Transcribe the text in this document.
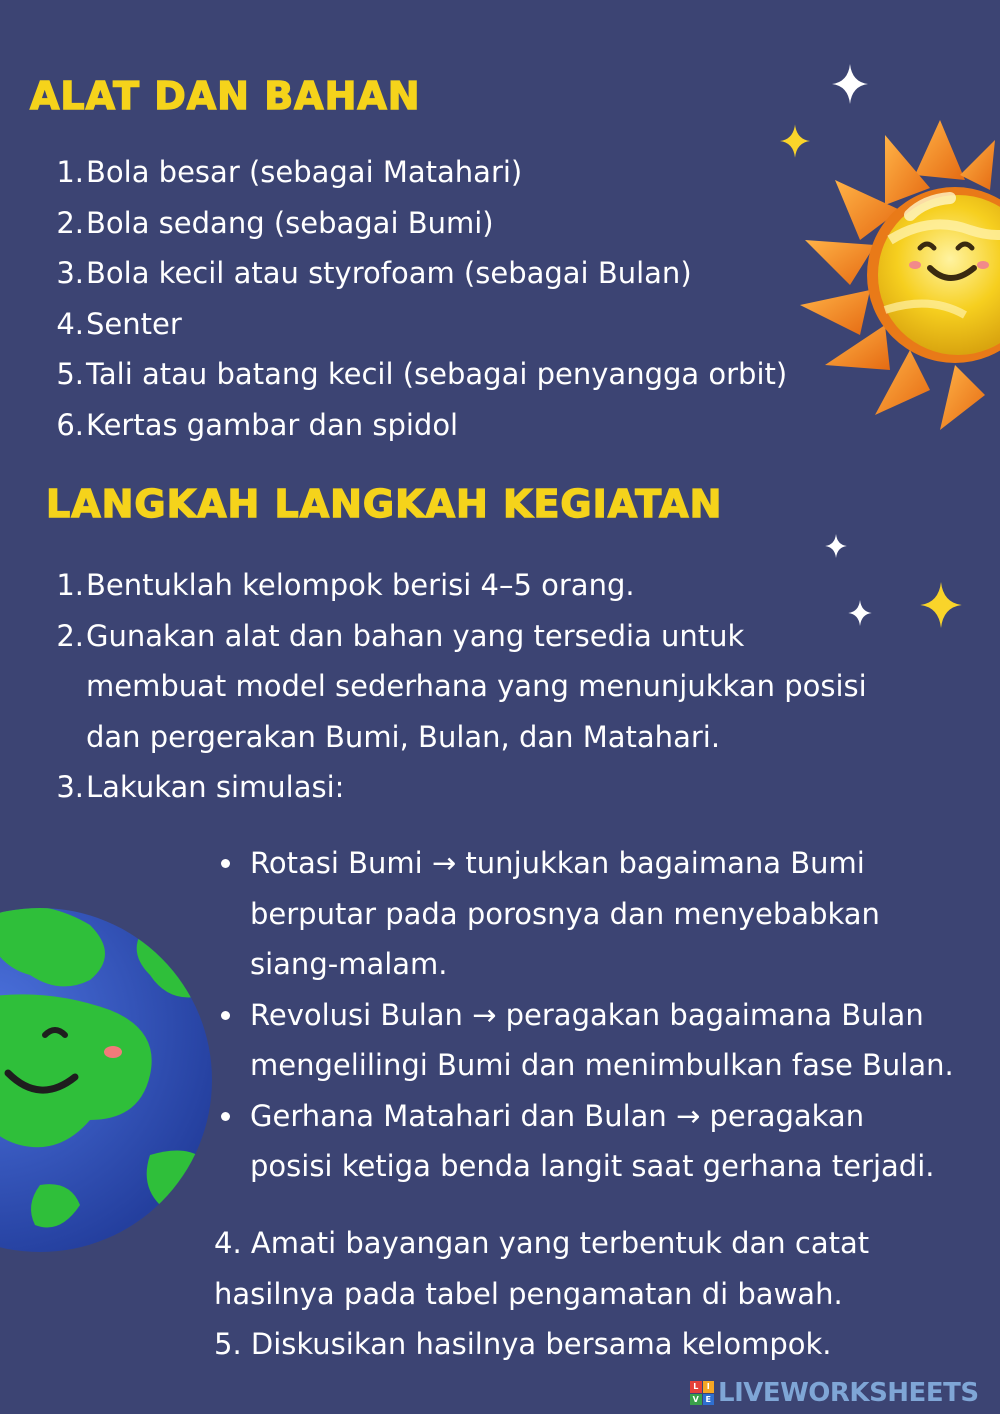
ALAT DAN BAHAN
1. Bola besar (sebagai Matahari)
2. Bola sedang (sebagai Bumi)
3. Bola kecil atau styrofoam (sebagai Bulan)
4. Senter
5. Tali atau batang kecil (sebagai penyangga orbit)
6. Kertas gambar dan spidol
LANGKAH LANGKAH KEGIATAN
1. Bentuklah kelompok berisi 4–5 orang.
2. Gunakan alat dan bahan yang tersedia untuk
membuat model sederhana yang menunjukkan posisi
dan pergerakan Bumi, Bulan, dan Matahari.
3. Lakukan simulasi:
Rotasi Bumi → tunjukkan bagaimana Bumi
berputar pada porosnya dan menyebabkan
siang-malam.
Revolusi Bulan → peragakan bagaimana Bulan
mengelilingi Bumi dan menimbulkan fase Bulan.
Gerhana Matahari dan Bulan → peragakan
posisi ketiga benda langit saat gerhana terjadi.
4. Amati bayangan yang terbentuk dan catat
hasilnya pada tabel pengamatan di bawah.
5. Diskusikan hasilnya bersama kelompok.
L	I
V E LIVEWORKSHEETS
